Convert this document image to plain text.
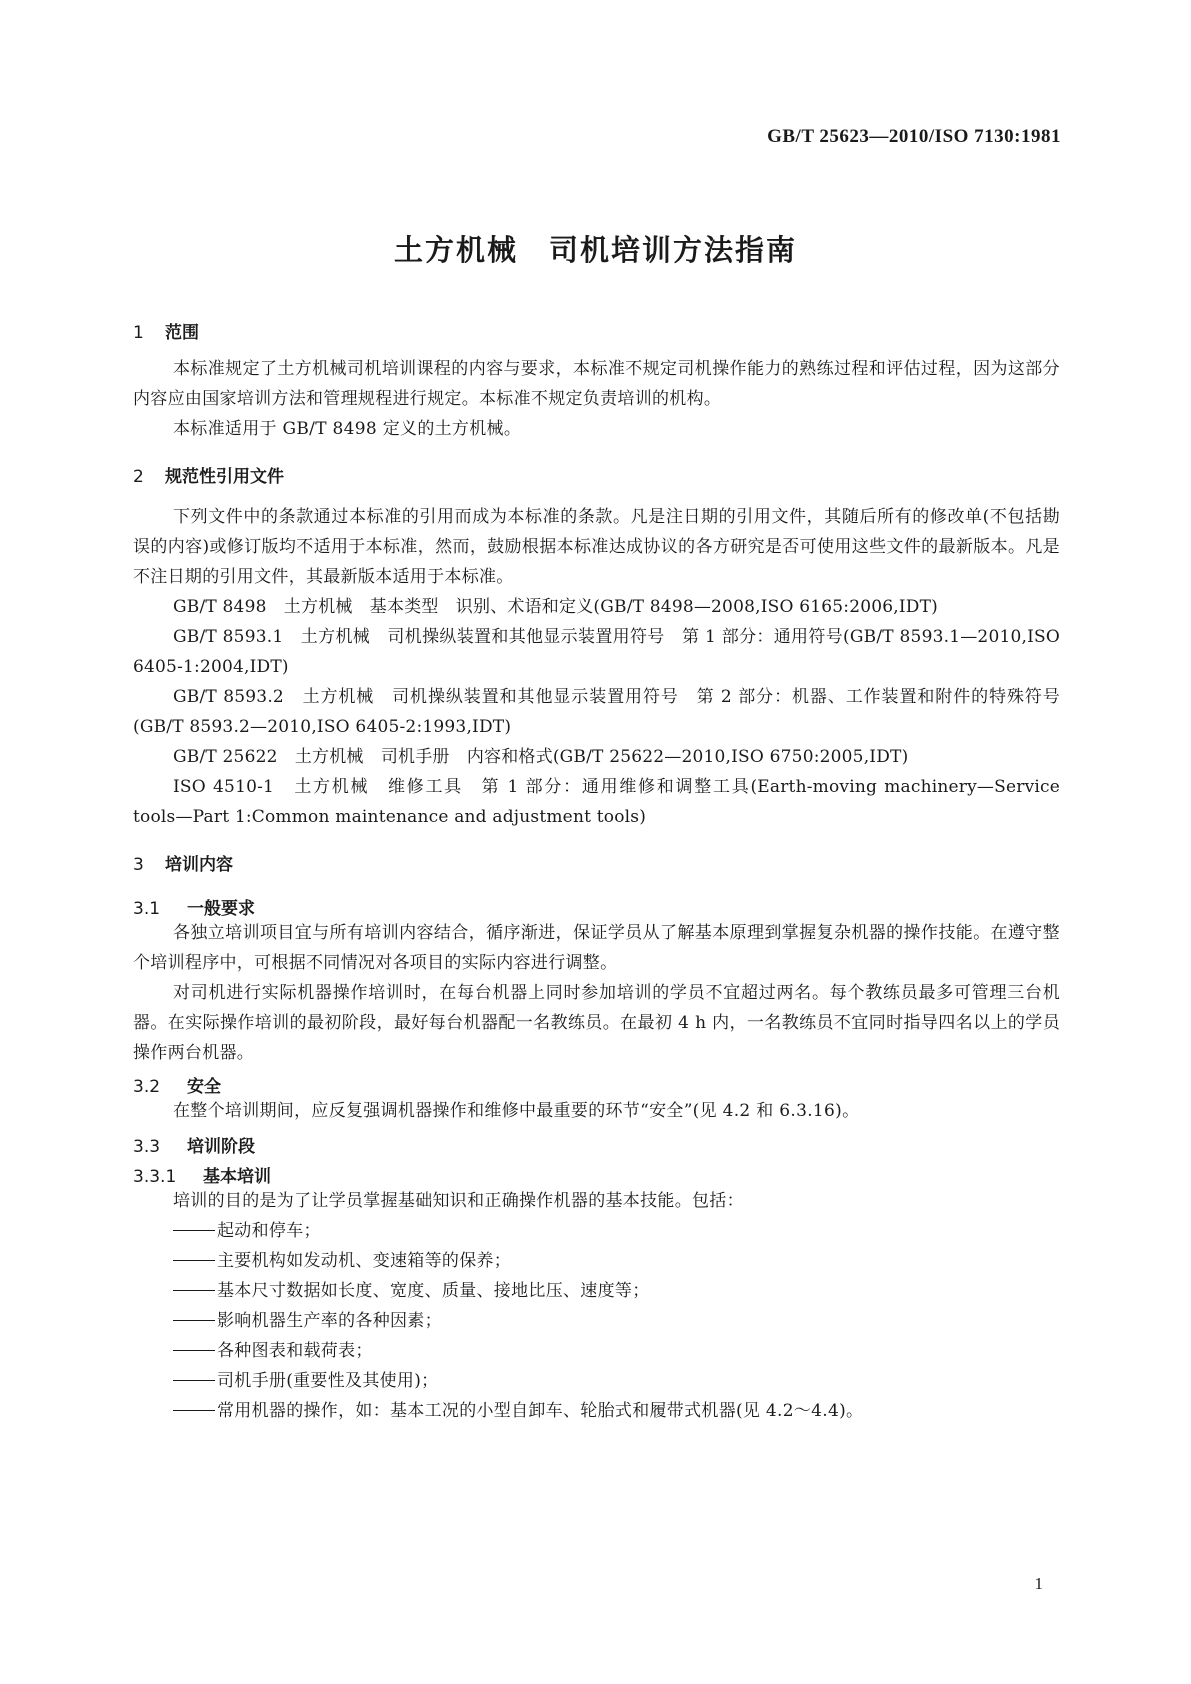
GB/T 25623—2010/ISO 7130:1981
土方机械　司机培训方法指南
1 范围
本标准规定了土方机械司机培训课程的内容与要求，本标准不规定司机操作能力的熟练过程和评估过程，因为这部分内容应由国家培训方法和管理规程进行规定。本标准不规定负责培训的机构。
本标准适用于 GB/T 8498 定义的土方机械。
2 规范性引用文件
下列文件中的条款通过本标准的引用而成为本标准的条款。凡是注日期的引用文件，其随后所有的修改单(不包括勘误的内容)或修订版均不适用于本标准，然而，鼓励根据本标准达成协议的各方研究是否可使用这些文件的最新版本。凡是不注日期的引用文件，其最新版本适用于本标准。
GB/T 8498　土方机械　基本类型　识别、术语和定义(GB/T 8498—2008,ISO 6165:2006,IDT)
GB/T 8593.1　土方机械　司机操纵装置和其他显示装置用符号　第 1 部分：通用符号(GB/T 8593.1—2010,ISO 6405-1:2004,IDT)
GB/T 8593.2　土方机械　司机操纵装置和其他显示装置用符号　第 2 部分：机器、工作装置和附件的特殊符号(GB/T 8593.2—2010,ISO 6405-2:1993,IDT)
GB/T 25622　土方机械　司机手册　内容和格式(GB/T 25622—2010,ISO 6750:2005,IDT)
ISO 4510-1　土方机械　维修工具　第 1 部分：通用维修和调整工具(Earth-moving machinery—Service tools—Part 1:Common maintenance and adjustment tools)
3 培训内容
3.1 一般要求
各独立培训项目宜与所有培训内容结合，循序渐进，保证学员从了解基本原理到掌握复杂机器的操作技能。在遵守整个培训程序中，可根据不同情况对各项目的实际内容进行调整。
对司机进行实际机器操作培训时，在每台机器上同时参加培训的学员不宜超过两名。每个教练员最多可管理三台机器。在实际操作培训的最初阶段，最好每台机器配一名教练员。在最初 4 h 内，一名教练员不宜同时指导四名以上的学员操作两台机器。
3.2 安全
在整个培训期间，应反复强调机器操作和维修中最重要的环节“安全”(见 4.2 和 6.3.16)。
3.3 培训阶段
3.3.1 基本培训
培训的目的是为了让学员掌握基础知识和正确操作机器的基本技能。包括：
起动和停车；
主要机构如发动机、变速箱等的保养；
基本尺寸数据如长度、宽度、质量、接地比压、速度等；
影响机器生产率的各种因素；
各种图表和载荷表；
司机手册(重要性及其使用)；
常用机器的操作，如：基本工况的小型自卸车、轮胎式和履带式机器(见 4.2～4.4)。
1
